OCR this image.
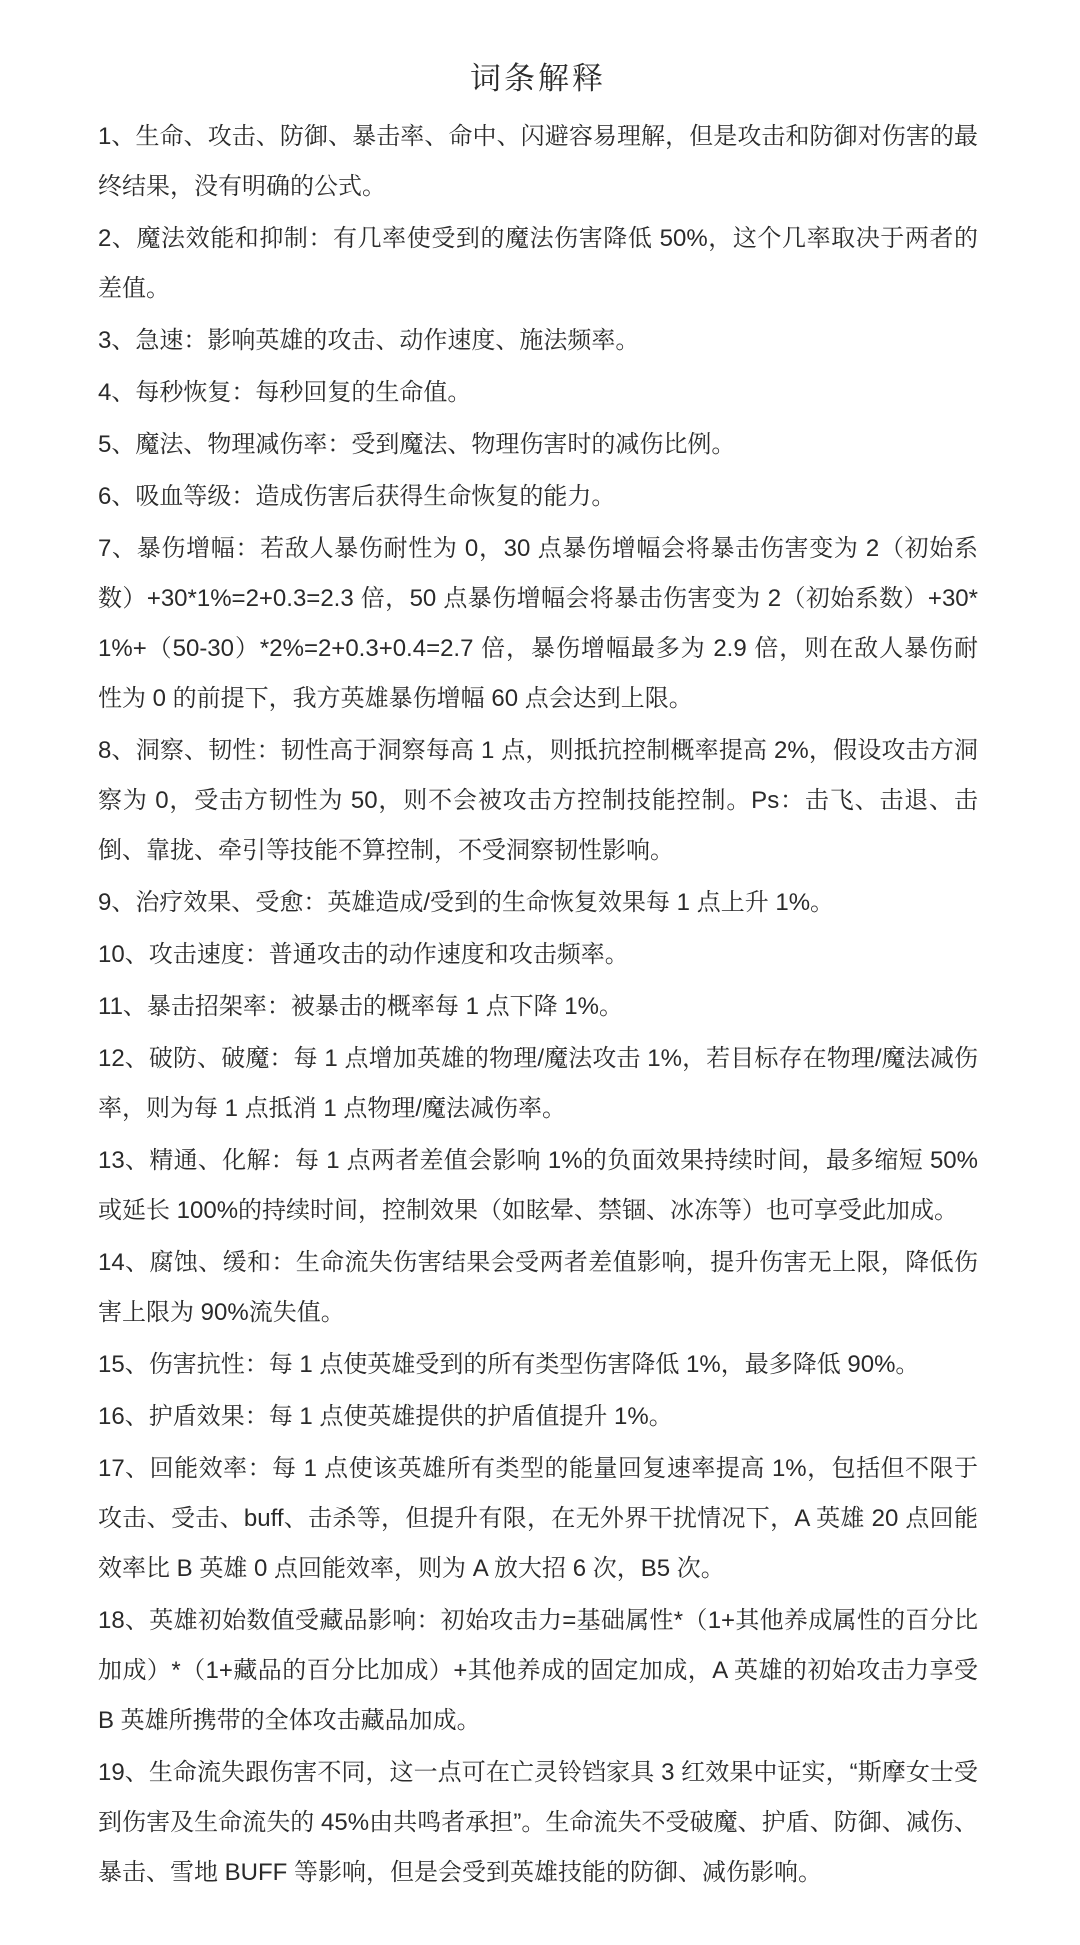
词条解释

1、生命、攻击、防御、暴击率、命中、闪避容易理解，但是攻击和防御对伤害的最终结果，没有明确的公式。

2、魔法效能和抑制：有几率使受到的魔法伤害降低 50%，这个几率取决于两者的差值。

3、急速：影响英雄的攻击、动作速度、施法频率。

4、每秒恢复：每秒回复的生命值。

5、魔法、物理减伤率：受到魔法、物理伤害时的减伤比例。

6、吸血等级：造成伤害后获得生命恢复的能力。

7、暴伤增幅：若敌人暴伤耐性为 0，30 点暴伤增幅会将暴击伤害变为 2（初始系数）+30*1%=2+0.3=2.3 倍，50 点暴伤增幅会将暴击伤害变为 2（初始系数）+30*1%+（50-30）*2%=2+0.3+0.4=2.7 倍，暴伤增幅最多为 2.9 倍，则在敌人暴伤耐性为 0 的前提下，我方英雄暴伤增幅 60 点会达到上限。

8、洞察、韧性：韧性高于洞察每高 1 点，则抵抗控制概率提高 2%，假设攻击方洞察为 0，受击方韧性为 50，则不会被攻击方控制技能控制。Ps：击飞、击退、击倒、靠拢、牵引等技能不算控制，不受洞察韧性影响。

9、治疗效果、受愈：英雄造成/受到的生命恢复效果每 1 点上升 1%。

10、攻击速度：普通攻击的动作速度和攻击频率。

11、暴击招架率：被暴击的概率每 1 点下降 1%。

12、破防、破魔：每 1 点增加英雄的物理/魔法攻击 1%，若目标存在物理/魔法减伤率，则为每 1 点抵消 1 点物理/魔法减伤率。

13、精通、化解：每 1 点两者差值会影响 1%的负面效果持续时间，最多缩短 50%或延长 100%的持续时间，控制效果（如眩晕、禁锢、冰冻等）也可享受此加成。

14、腐蚀、缓和：生命流失伤害结果会受两者差值影响，提升伤害无上限，降低伤害上限为 90%流失值。

15、伤害抗性：每 1 点使英雄受到的所有类型伤害降低 1%，最多降低 90%。

16、护盾效果：每 1 点使英雄提供的护盾值提升 1%。

17、回能效率：每 1 点使该英雄所有类型的能量回复速率提高 1%，包括但不限于攻击、受击、buff、击杀等，但提升有限，在无外界干扰情况下，A 英雄 20 点回能效率比 B 英雄 0 点回能效率，则为 A 放大招 6 次，B5 次。

18、英雄初始数值受藏品影响：初始攻击力=基础属性*（1+其他养成属性的百分比加成）*（1+藏品的百分比加成）+其他养成的固定加成，A 英雄的初始攻击力享受 B 英雄所携带的全体攻击藏品加成。

19、生命流失跟伤害不同，这一点可在亡灵铃铛家具 3 红效果中证实，“斯摩女士受到伤害及生命流失的 45%由共鸣者承担”。生命流失不受破魔、护盾、防御、减伤、暴击、雪地 BUFF 等影响，但是会受到英雄技能的防御、减伤影响。
